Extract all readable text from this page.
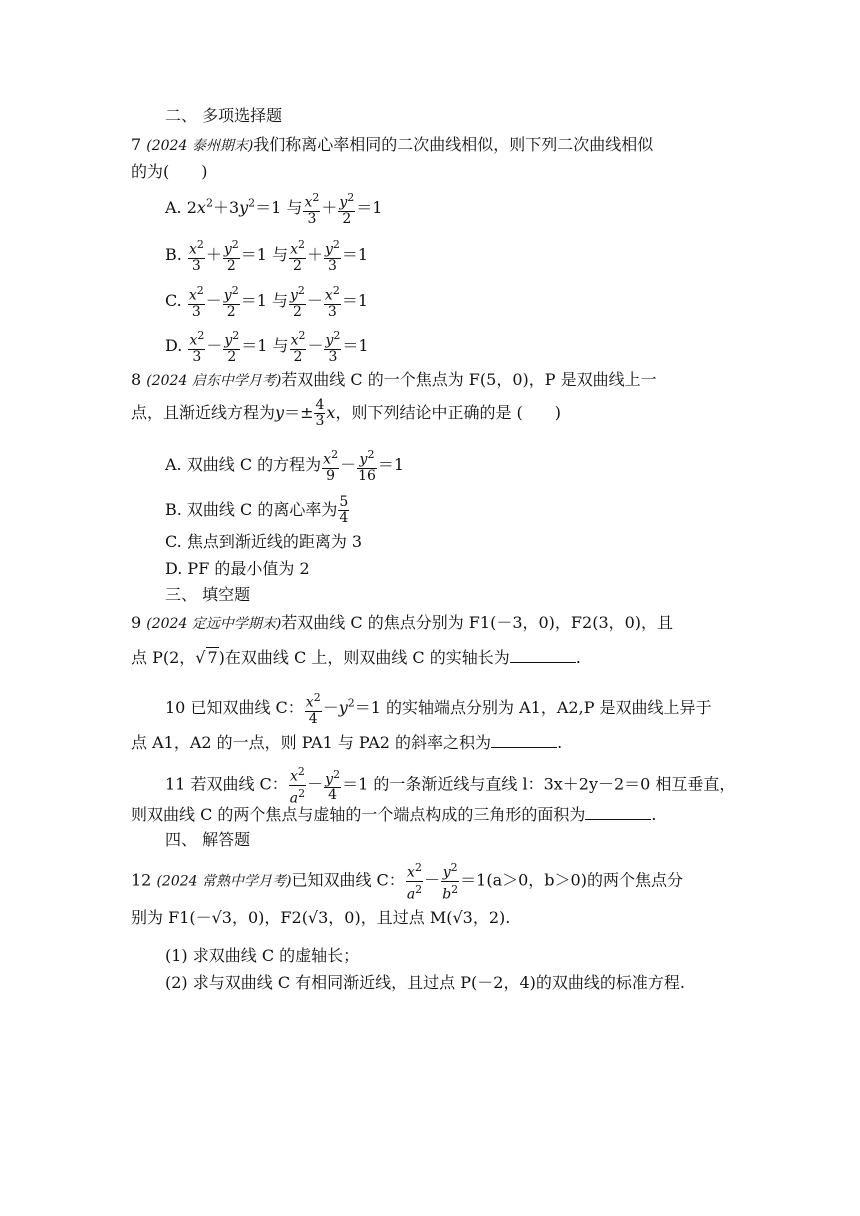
二、 多项选择题
7 (2024 泰州期末)我们称离心率相同的二次曲线相似，则下列二次曲线相似
的为(　　)
A. $2x^2+3y^2=1$ 与 $\frac{x^2}{3} + \frac{y^2}{2} =1$
B. $\frac{x^2}{3} + \frac{y^2}{2} =1$ 与 $\frac{x^2}{2} + \frac{y^2}{3} =1$
C. $\frac{x^2}{3} - \frac{y^2}{2} =1$ 与 $\frac{y^2}{2} - \frac{x^2}{3} =1$
D. $\frac{x^2}{3} - \frac{y^2}{2} =1$ 与 $\frac{x^2}{2} - \frac{y^2}{3} =1$
8 (2024 启东中学月考)若双曲线 C 的一个焦点为 F(5，0)，P 是双曲线上一
点，且渐近线方程为$y=\pm \frac{4}{3}$ x，则下列结论中正确的是 (　　)
A. 双曲线 C 的方程为 $\frac{x^2}{9} - \frac{y^2}{16} =1$
B. 双曲线 C 的离心率为 $\frac{5}{4}$
C. 焦点到渐近线的距离为 3
D. PF 的最小值为 2
三、 填空题
9 (2024 定远中学期末)若双曲线 C 的焦点分别为 F1(－3，0)，F2(3，0)，且
点 P(2，√ 7)在双曲线 C 上，则双曲线 C 的实轴长为	.
10 已知双曲线 C： $\frac{x^2}{4} -y^2=1$ 的实轴端点分别为 A1，A2,P 是双曲线上异于
点 A1，A2 的一点，则 PA1 与 PA2 的斜率之积为	.
11 若双曲线 C： $\frac{x^2}{a^2} - \frac{y^2}{4} =1$ 的一条渐近线与直线 l：3x＋2y－2＝0 相互垂直，
则双曲线 C 的两个焦点与虚轴的一个端点构成的三角形的面积为	.
四、 解答题
12 (2024 常熟中学月考)已知双曲线 C： $\frac{x^2}{a^2} - \frac{y^2}{b^2} =1(a>0$，b＞0)的两个焦点分
别为 F1(－√3，0)，F2(√3，0)，且过点 M(√3，2).
(1) 求双曲线 C 的虚轴长；
(2) 求与双曲线 C 有相同渐近线，且过点 P(－2，4)的双曲线的标准方程.
